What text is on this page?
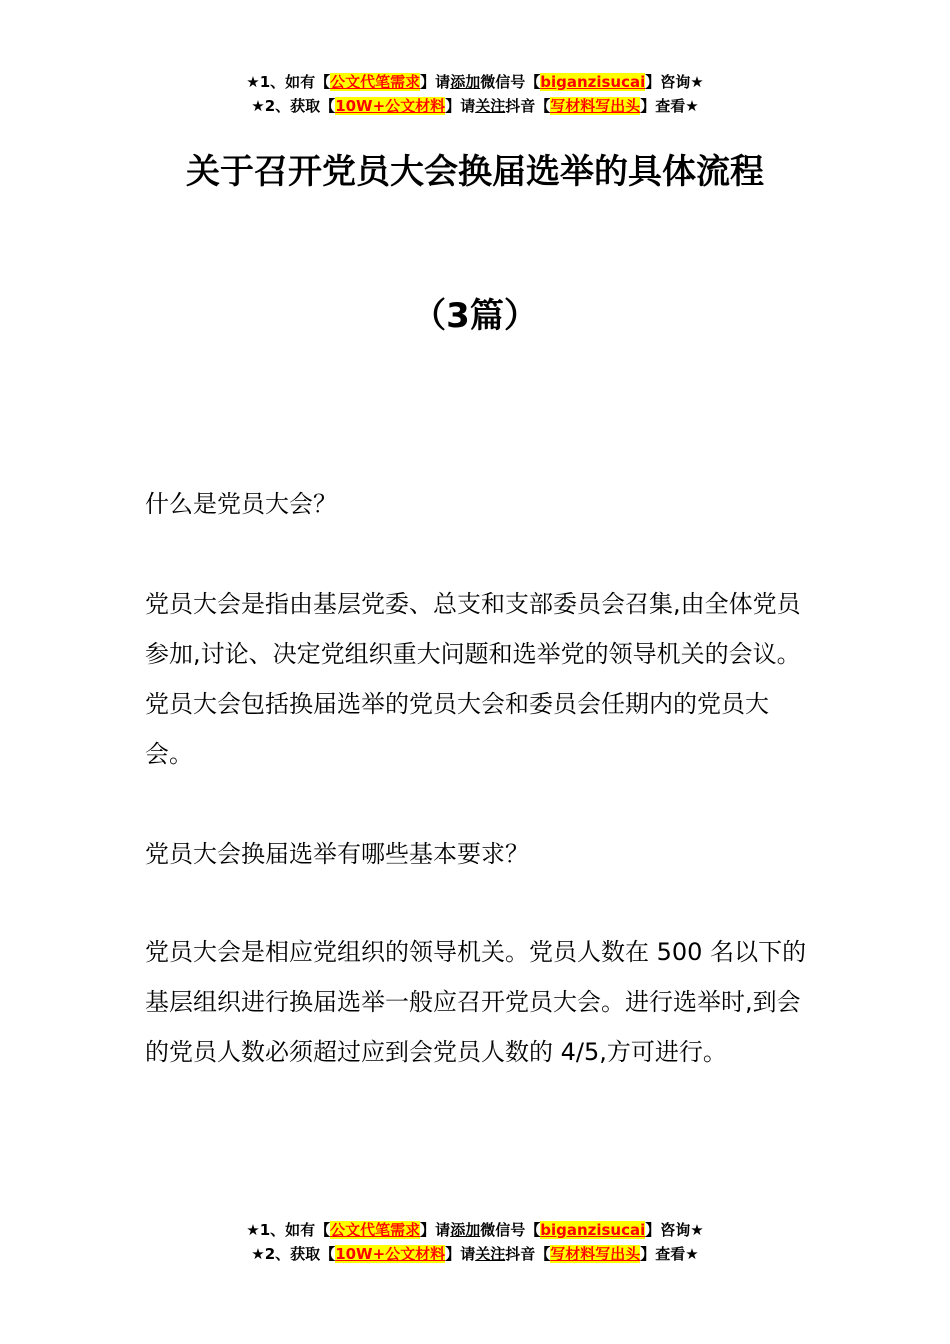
★1、如有【公文代笔需求】请添加微信号【biganzisucai】咨询★
★2、获取【10W+公文材料】请关注抖音【写材料写出头】查看★
关于召开党员大会换届选举的具体流程
（3篇）

什么是党员大会？

党员大会是指由基层党委、总支和支部委员会召集,由全体党员参加,讨论、决定党组织重大问题和选举党的领导机关的会议。党员大会包括换届选举的党员大会和委员会任期内的党员大会。

党员大会换届选举有哪些基本要求？

党员大会是相应党组织的领导机关。党员人数在 500 名以下的基层组织进行换届选举一般应召开党员大会。进行选举时,到会的党员人数必须超过应到会党员人数的 4/5,方可进行。

★1、如有【公文代笔需求】请添加微信号【biganzisucai】咨询★
★2、获取【10W+公文材料】请关注抖音【写材料写出头】查看★
